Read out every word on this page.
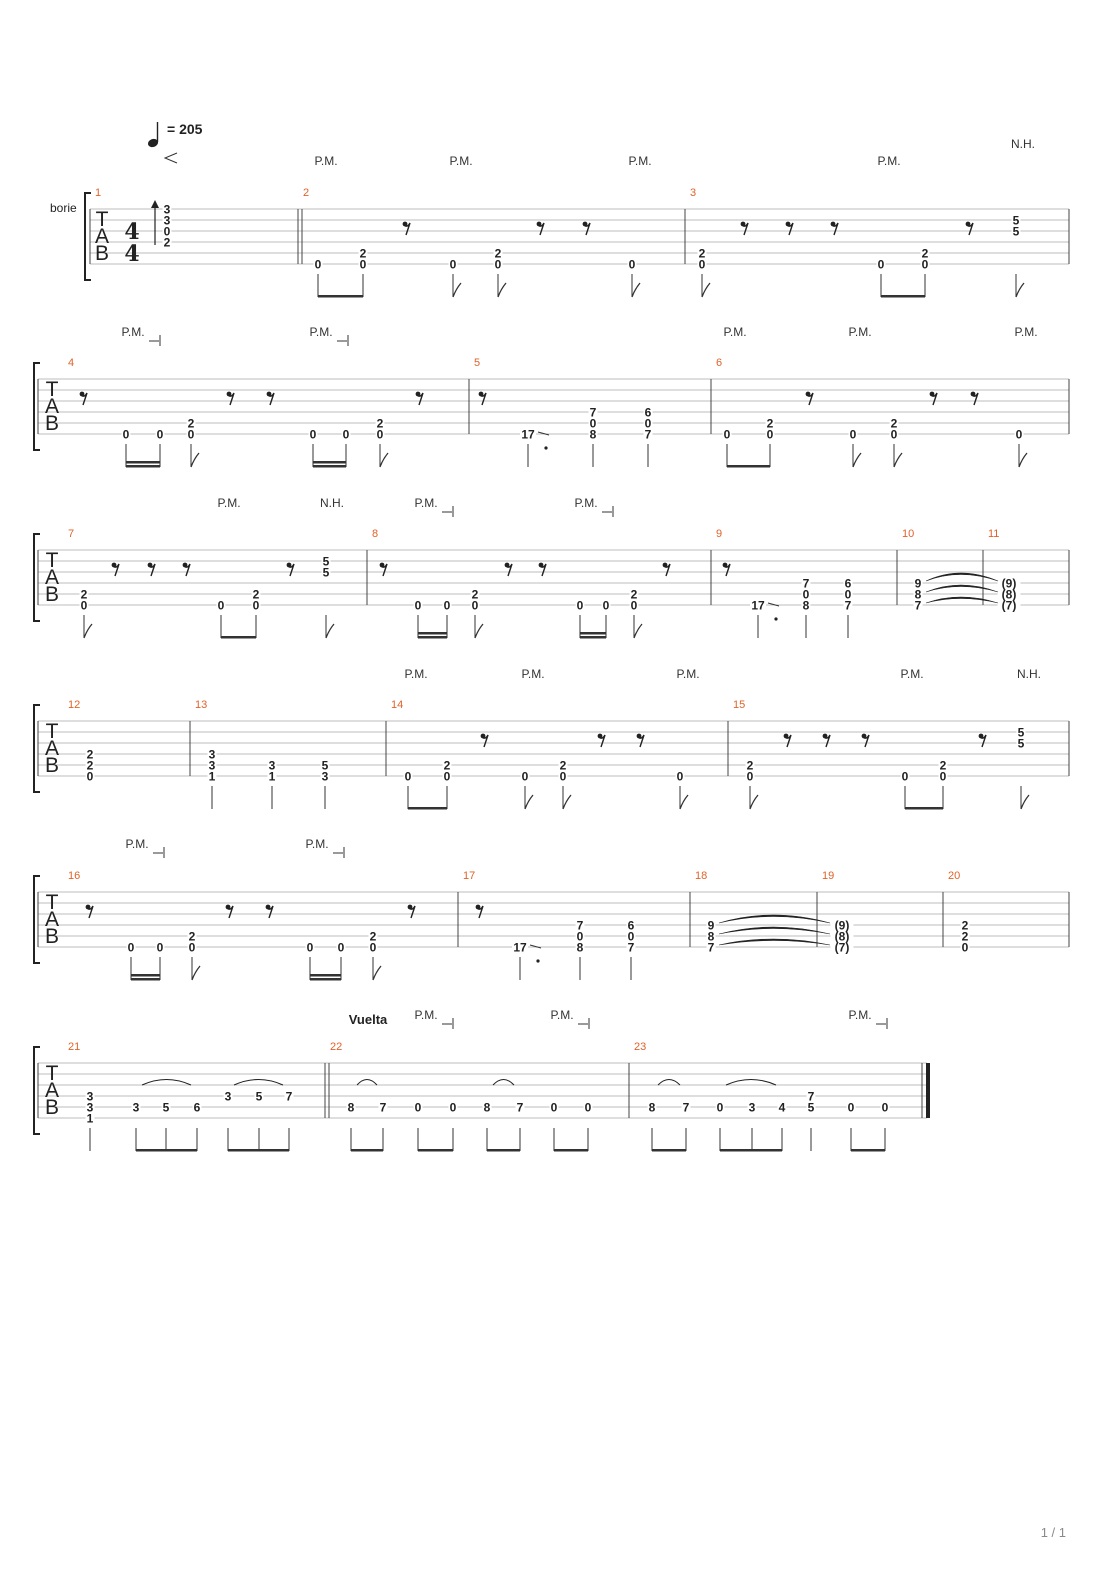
= 205
borie T
A
B
4
4
1
3
3
0
2
2
0
2
0	0
2
0	0
3
2
0	0
2
0
5
5
T
A
B
4
0 0
2
0	0 0
2
0
5
17
7
0
8
6
0
7
6
0
2
0	0
2
0	0
T
A
B
7
2
0	0
2
0
5
5
8
0 0
2
0	0 0
2
0
9
17
7
0
8
6
0
7
10
9
8
7
11
(9)
(8)
(7)
T
A
B
12
2
2
0
13
3
3
1
3
1
5
3
14
0
2
0	0
2
0	0
15
2
0	0
2
0
5
5
T
A
B
16
0 0
2
0	0 0
2
0
17
17
7
0
8
6
0
7
18
9
8
7
19
(9)
(8)
(7)
20
2
2
0
T
A
B
21
3
3
1
3 5 6
3 5 7
22
8 7 0 0 8 7 0 0
23
8 7 0 3 4
7
5	0 0
Vuelta
P.M.	P.M.	P.M.	P.M.
N.H.
P.M.	P.M.	P.M.	P.M.	P.M.
P.M.	N.H.	P.M.	P.M.
P.M.	P.M.	P.M.	P.M.	N.H.
P.M.	P.M.
P.M.	P.M.	P.M.
1 / 1
